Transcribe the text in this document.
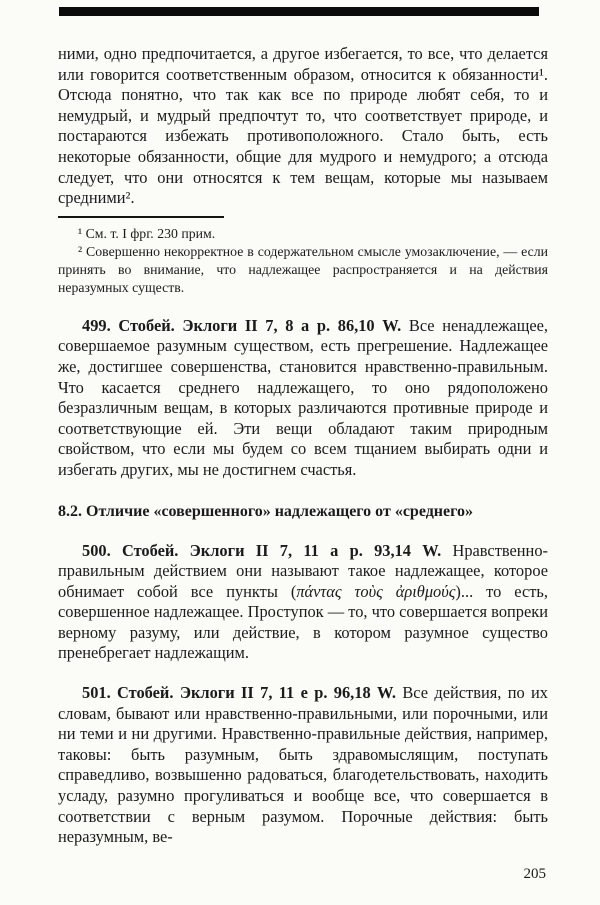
ними, одно предпочитается, а другое избегается, то все, что делается или говорится соответственным образом, относится к обязанности¹. Отсюда понятно, что так как все по природе любят себя, то и немудрый, и мудрый предпочтут то, что соответствует природе, и постараются избежать противоположного. Стало быть, есть некоторые обязанности, общие для мудрого и немудрого; а отсюда следует, что они относятся к тем вещам, которые мы называем средними².

¹ См. т. I фрг. 230 прим.

² Совершенно некорректное в содержательном смысле умозаключение, — если принять во внимание, что надлежащее распространяется и на действия неразумных существ.

499. Стобей. Эклоги II 7, 8 а р. 86,10 W. Все ненадлежащее, совершаемое разумным существом, есть прегрешение. Надлежащее же, достигшее совершенства, становится нравственно-правильным. Что касается среднего надлежащего, то оно рядоположено безразличным вещам, в которых различаются противные природе и соответствующие ей. Эти вещи обладают таким природным свойством, что если мы будем со всем тщанием выбирать одни и избегать других, мы не достигнем счастья.

8.2. Отличие «совершенного» надлежащего от «среднего»

500. Стобей. Эклоги II 7, 11 а р. 93,14 W. Нравственно-правильным действием они называют такое надлежащее, которое обнимает собой все пункты (πάντας τοὺς ἀριθμούς)... то есть, совершенное надлежащее. Проступок — то, что совершается вопреки верному разуму, или действие, в котором разумное существо пренебрегает надлежащим.

501. Стобей. Эклоги II 7, 11 е р. 96,18 W. Все действия, по их словам, бывают или нравственно-правильными, или порочными, или ни теми и ни другими. Нравственно-правильные действия, например, таковы: быть разумным, быть здравомыслящим, поступать справедливо, возвышенно радоваться, благодетельствовать, находить усладу, разумно прогуливаться и вообще все, что совершается в соответствии с верным разумом. Порочные действия: быть неразумным, ве-

205
